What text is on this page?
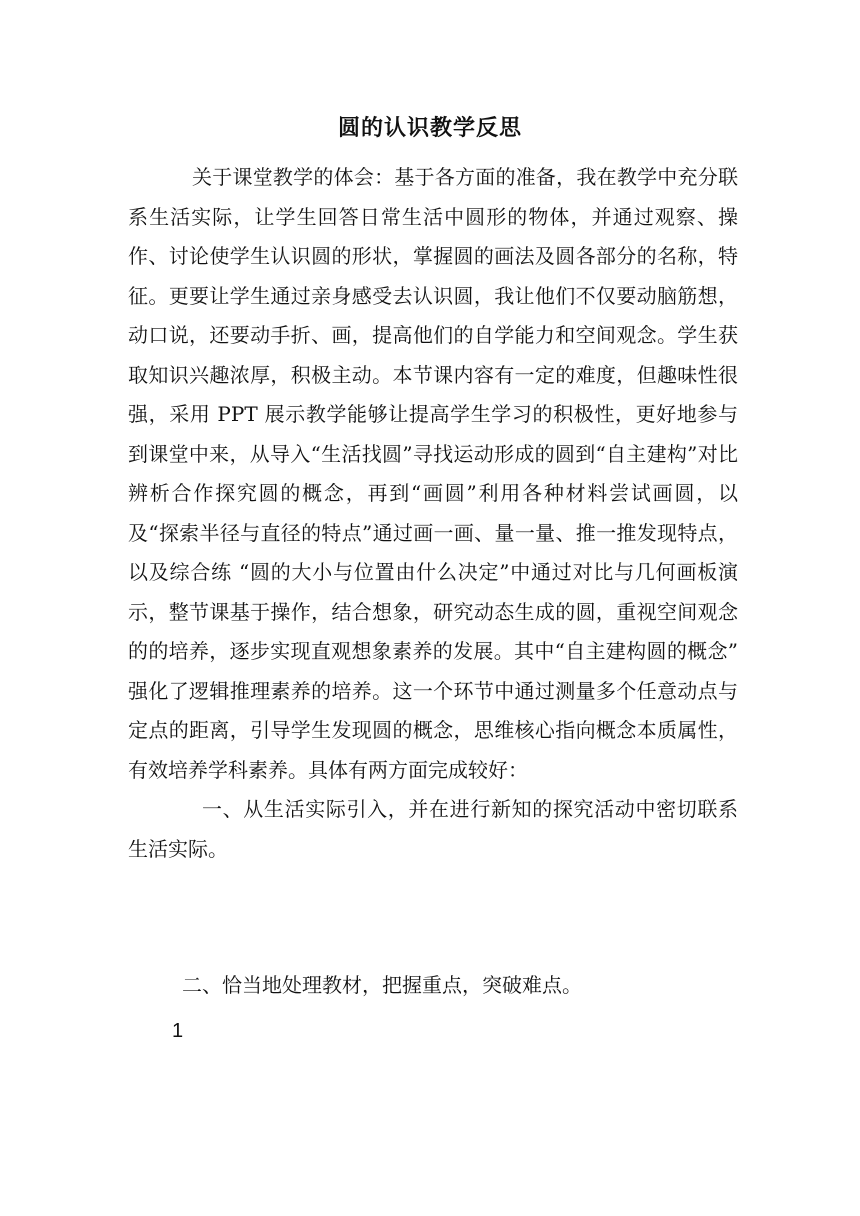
圆的认识教学反思

关于课堂教学的体会：基于各方面的准备，我在教学中充分联系生活实际，让学生回答日常生活中圆形的物体，并通过观察、操作、讨论使学生认识圆的形状，掌握圆的画法及圆各部分的名称，特征。更要让学生通过亲身感受去认识圆，我让他们不仅要动脑筋想，动口说，还要动手折、画，提高他们的自学能力和空间观念。学生获取知识兴趣浓厚，积极主动。本节课内容有一定的难度，但趣味性很强，采用 PPT 展示教学能够让提高学生学习的积极性，更好地参与到课堂中来，从导入“生活找圆”寻找运动形成的圆到“自主建构”对比辨析合作探究圆的概念，再到“画圆”利用各种材料尝试画圆，以及“探索半径与直径的特点”通过画一画、量一量、推一推发现特点，以及综合练 “圆的大小与位置由什么决定”中通过对比与几何画板演示，整节课基于操作，结合想象，研究动态生成的圆，重视空间观念的的培养，逐步实现直观想象素养的发展。其中“自主建构圆的概念” 强化了逻辑推理素养的培养。这一个环节中通过测量多个任意动点与定点的距离，引导学生发现圆的概念，思维核心指向概念本质属性，有效培养学科素养。具体有两方面完成较好：

一、从生活实际引入，并在进行新知的探究活动中密切联系生活实际。

二、恰当地处理教材，把握重点，突破难点。
1
